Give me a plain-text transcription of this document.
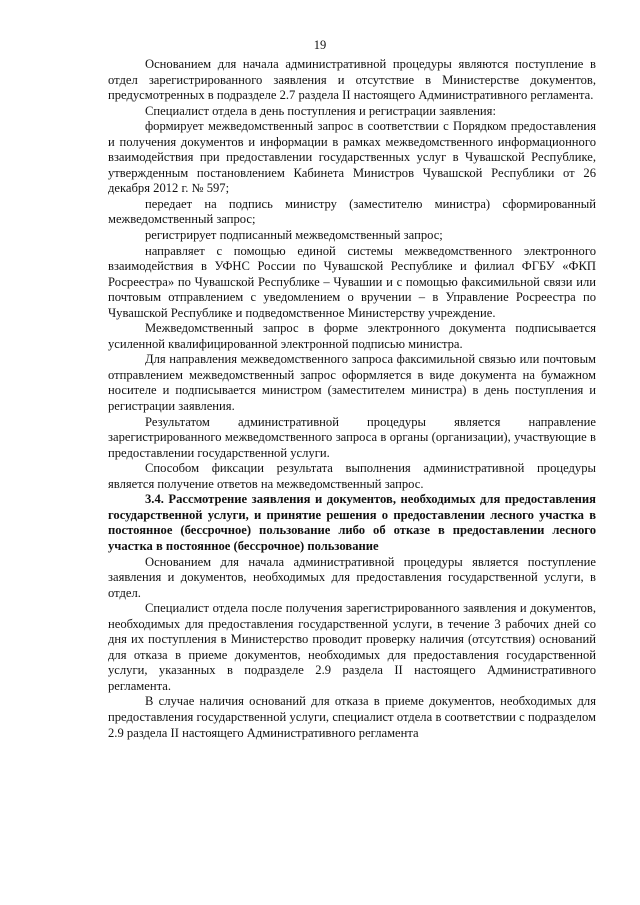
19

Основанием для начала административной процедуры являются поступление в отдел зарегистрированного заявления и отсутствие в Министерстве документов, предусмотренных в подразделе 2.7 раздела II настоящего Административного регламента.

Специалист отдела в день поступления и регистрации заявления:

формирует межведомственный запрос в соответствии с Порядком предоставления и получения документов и информации в рамках межведомственного информационного взаимодействия при предоставлении государственных услуг в Чувашской Республике, утвержденным постановлением Кабинета Министров Чувашской Республики от 26 декабря 2012 г. № 597;

передает на подпись министру (заместителю министра) сформированный межведомственный запрос;

регистрирует подписанный межведомственный запрос;

направляет с помощью единой системы межведомственного электронного взаимодействия в УФНС России по Чувашской Республике и филиал ФГБУ «ФКП Росреестра» по Чувашской Республике – Чувашии и с помощью факсимильной связи или почтовым отправлением с уведомлением о вручении – в Управление Росреестра по Чувашской Республике и подведомственное Министерству учреждение.

Межведомственный запрос в форме электронного документа подписывается усиленной квалифицированной электронной подписью министра.

Для направления межведомственного запроса факсимильной связью или почтовым отправлением межведомственный запрос оформляется в виде документа на бумажном носителе и подписывается министром (заместителем министра) в день поступления и регистрации заявления.

Результатом административной процедуры является направление зарегистрированного межведомственного запроса в органы (организации), участвующие в предоставлении государственной услуги.

Способом фиксации результата выполнения административной процедуры является получение ответов на межведомственный запрос.

3.4. Рассмотрение заявления и документов, необходимых для предоставления государственной услуги, и принятие решения о предоставлении лесного участка в постоянное (бессрочное) пользование либо об отказе в предоставлении лесного участка в постоянное (бессрочное) пользование

Основанием для начала административной процедуры является поступление заявления и документов, необходимых для предоставления государственной услуги, в отдел.

Специалист отдела после получения зарегистрированного заявления и документов, необходимых для предоставления государственной услуги, в течение 3 рабочих дней со дня их поступления в Министерство проводит проверку наличия (отсутствия) оснований для отказа в приеме документов, необходимых для предоставления государственной услуги, указанных в подразделе 2.9 раздела II настоящего Административного регламента.

В случае наличия оснований для отказа в приеме документов, необходимых для предоставления государственной услуги, специалист отдела в соответствии с подразделом 2.9 раздела II настоящего Административного регламента
